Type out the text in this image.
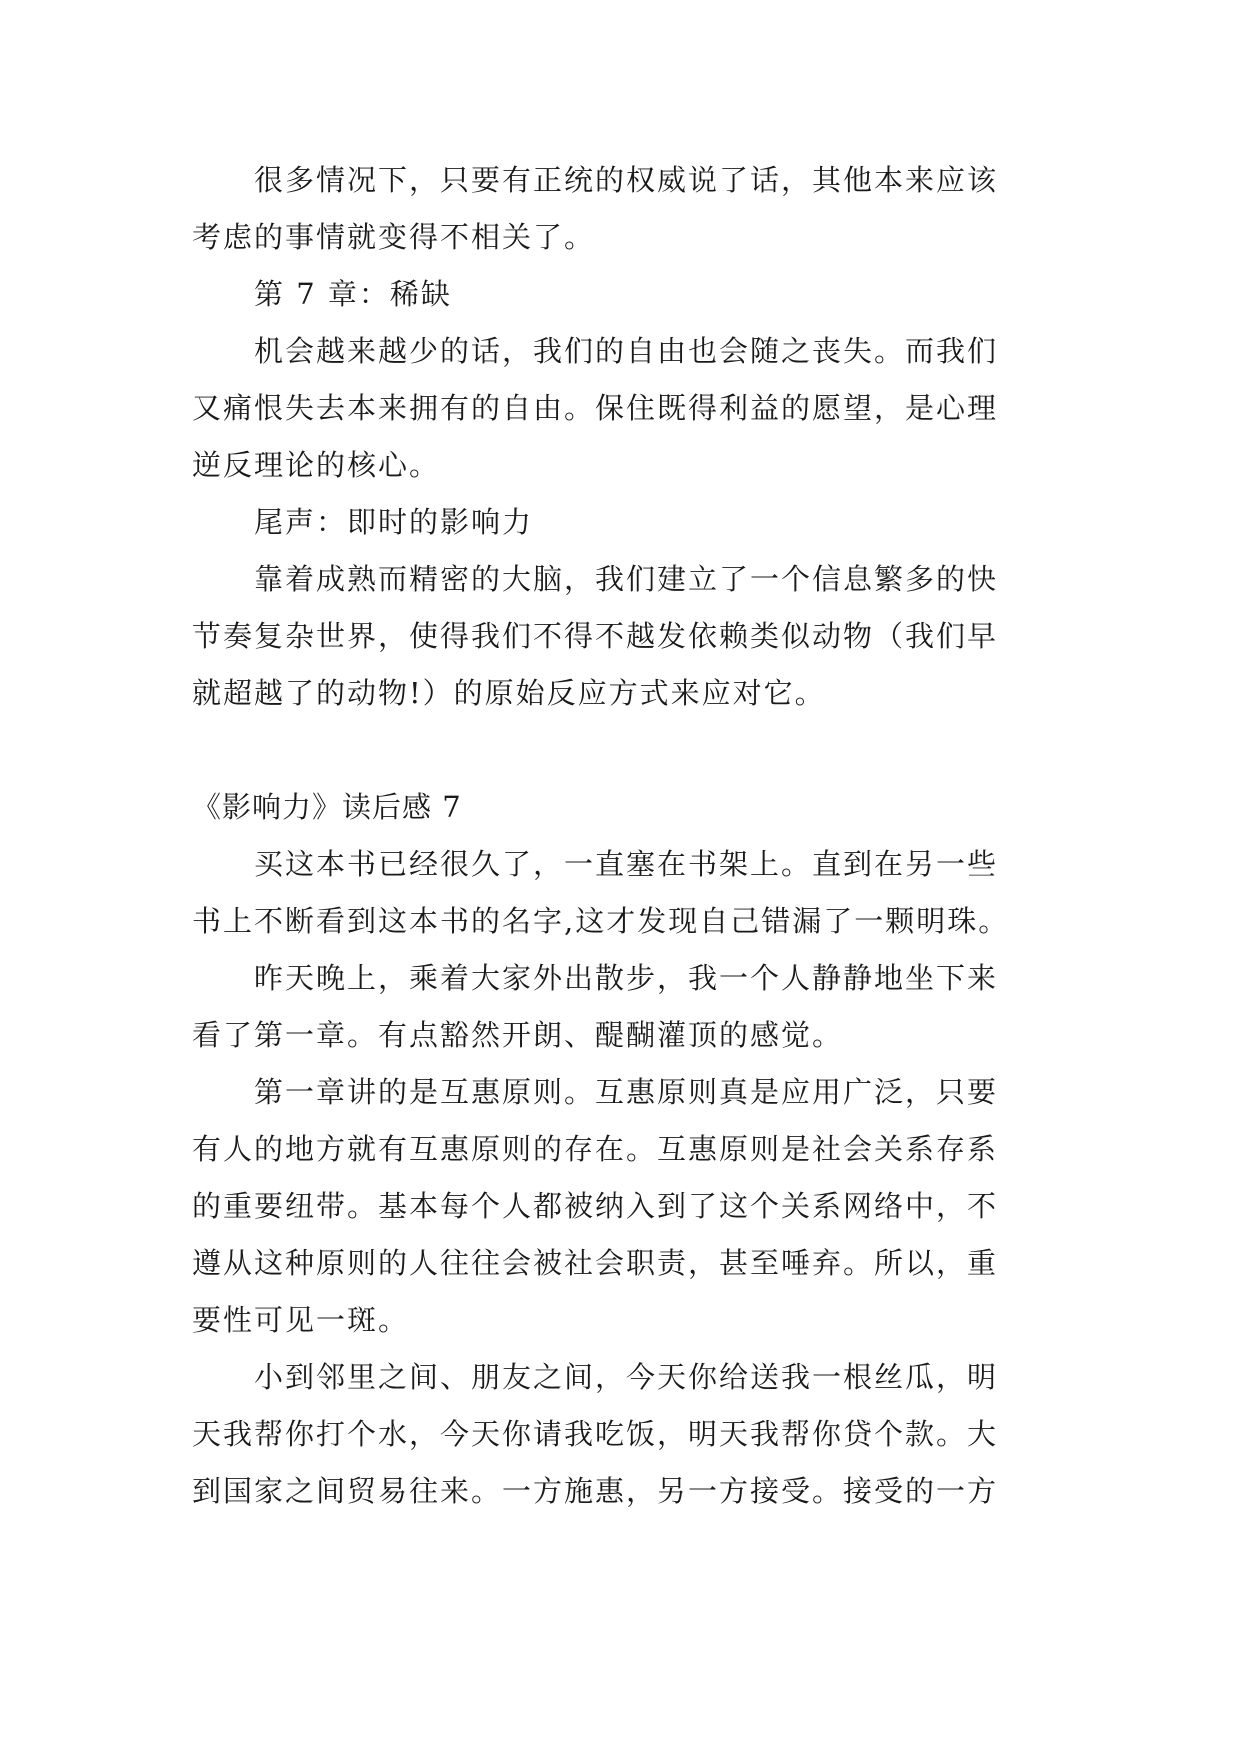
很多情况下，只要有正统的权威说了话，其他本来应该
考虑的事情就变得不相关了。
第 7 章：稀缺
机会越来越少的话，我们的自由也会随之丧失。而我们
又痛恨失去本来拥有的自由。保住既得利益的愿望，是心理
逆反理论的核心。
尾声：即时的影响力
靠着成熟而精密的大脑，我们建立了一个信息繁多的快
节奏复杂世界，使得我们不得不越发依赖类似动物（我们早
就超越了的动物!）的原始反应方式来应对它。
《影响力》读后感 7
买这本书已经很久了，一直塞在书架上。直到在另一些
书上不断看到这本书的名字,这才发现自己错漏了一颗明珠。
昨天晚上，乘着大家外出散步，我一个人静静地坐下来
看了第一章。有点豁然开朗、醍醐灌顶的感觉。
第一章讲的是互惠原则。互惠原则真是应用广泛，只要
有人的地方就有互惠原则的存在。互惠原则是社会关系存系
的重要纽带。基本每个人都被纳入到了这个关系网络中，不
遵从这种原则的人往往会被社会职责，甚至唾弃。所以，重
要性可见一斑。
小到邻里之间、朋友之间，今天你给送我一根丝瓜，明
天我帮你打个水，今天你请我吃饭，明天我帮你贷个款。大
到国家之间贸易往来。一方施惠，另一方接受。接受的一方
